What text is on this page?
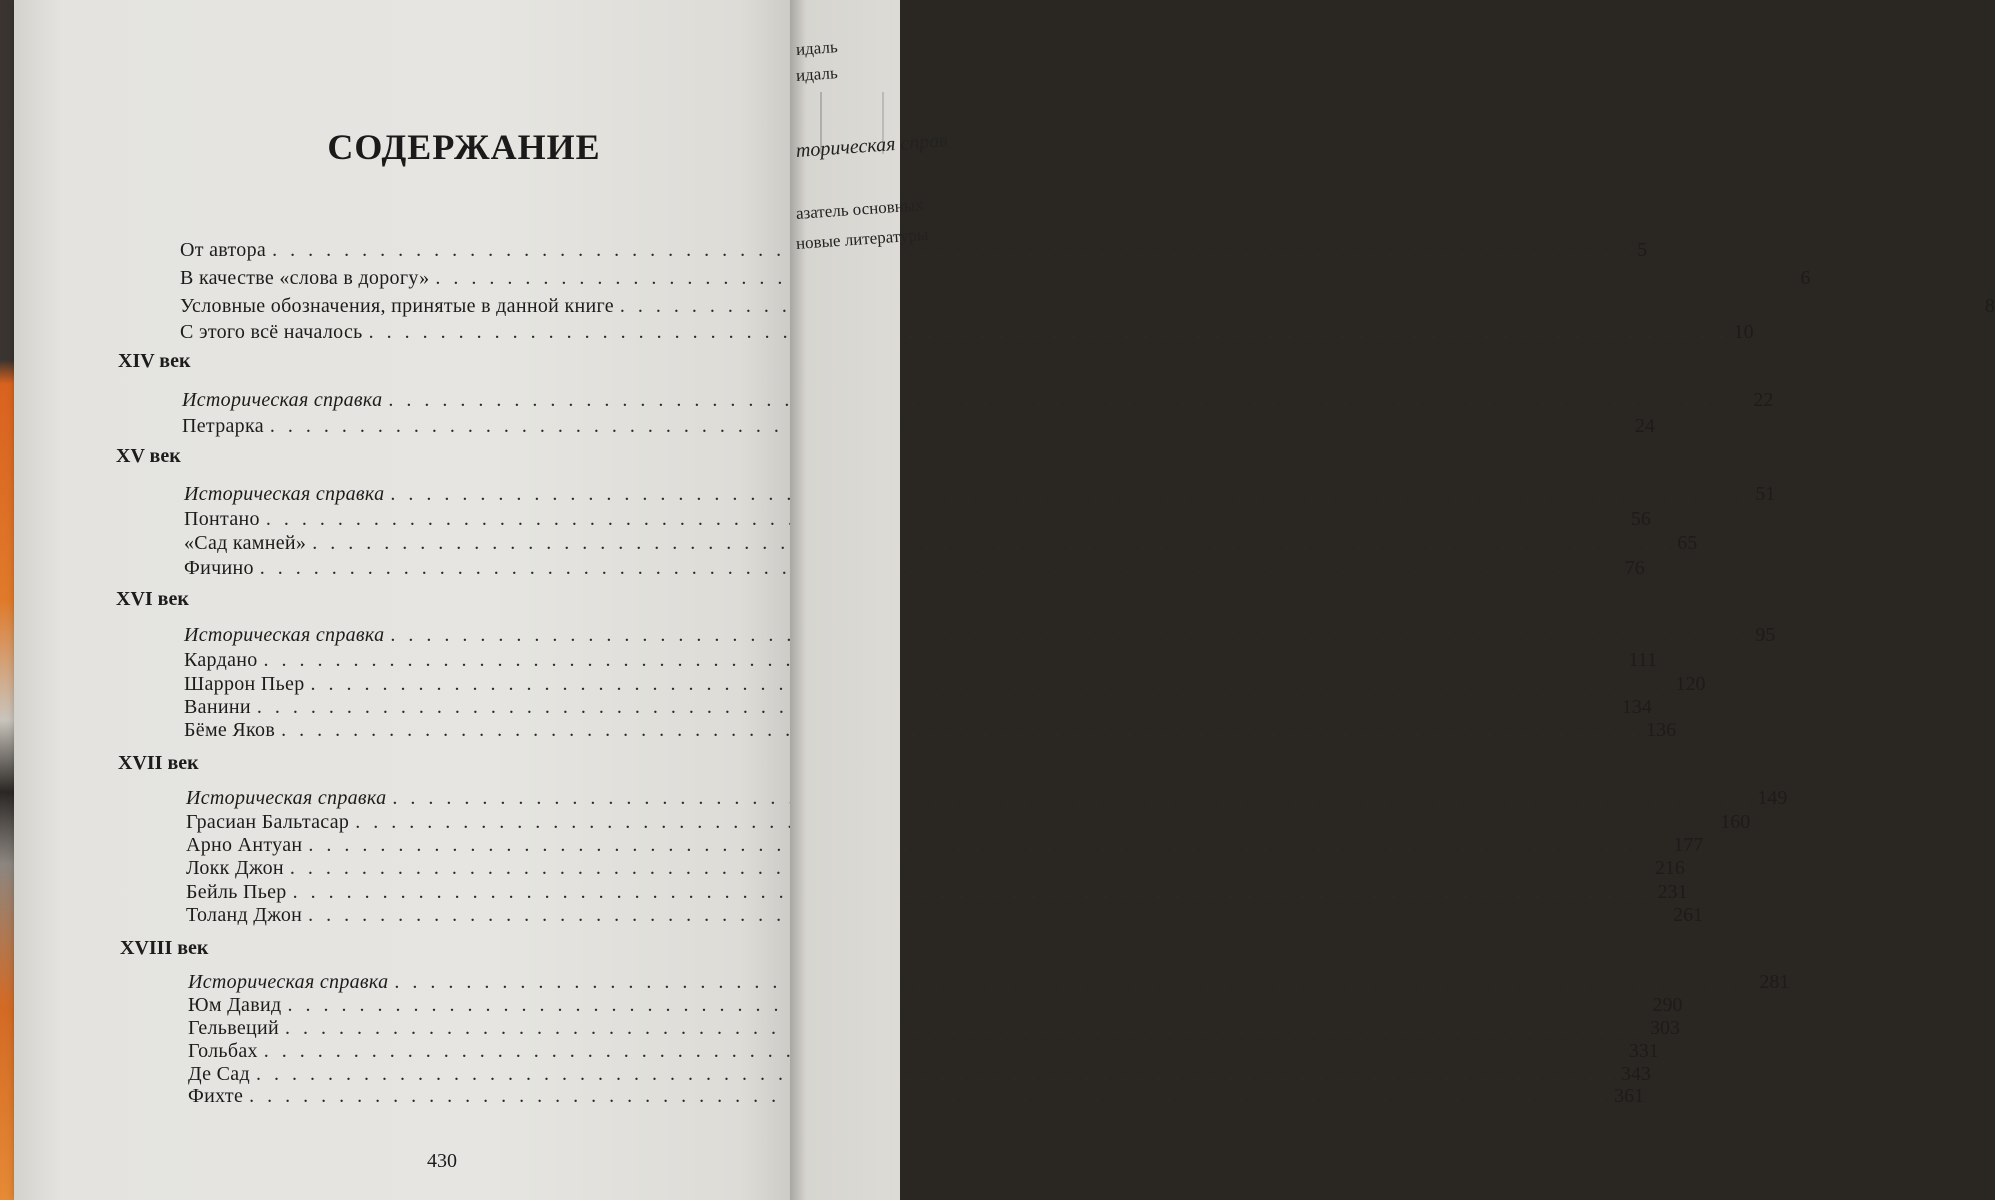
СОДЕРЖАНИЕ
От автора . . .	5
В качестве «слова в дорогу» . . .	6
Условные обозначения, принятые в данной книге . . .	8
С этого всё началось . . .	10
XIV век
Историческая справка . . .	22
Петрарка . . .	24
XV век
Историческая справка . . .	51
Понтано . . .	56
«Сад камней» . . .	65
Фичино . . .	76
XVI век
Историческая справка . . .	95
Кардано . . .	111
Шаррон Пьер . . .	120
Ванини . . .	134
Бёме Яков . . .	136
XVII век
Историческая справка . . .	149
Грасиан Бальтасар . . .	160
Арно Антуан . . .	177
Локк Джон . . .	216
Бейль Пьер . . .	231
Толанд Джон . . .	261
XVIII век
Историческая справка . . .	281
Юм Давид . . .	290
Гельвеций . . .	303
Гольбах . . .	331
Де Сад . . .	343
Фихте . . .	361
430
идаль
идаль
торическая справ
азатель основных
новые литературы
